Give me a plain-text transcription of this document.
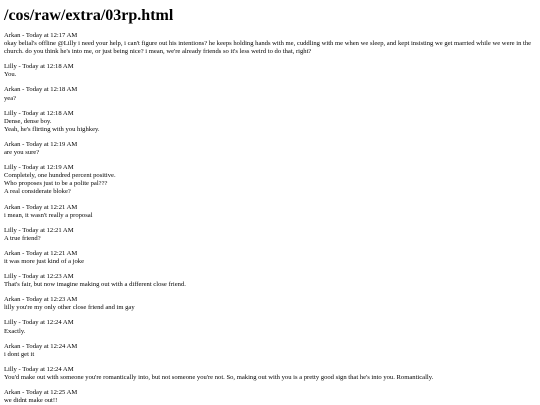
/cos/raw/extra/03rp.html
Arkan - Today at 12:17 AM
okay belial's offline @Lilly i need your help, i can't figure out his intentions? he keeps holding hands with me, cuddling with me when we sleep, and kept insisting we get married while we were in the church. do you think he's into me, or just being nice? i mean, we're already friends so it's less weird to do that, right?
Lilly - Today at 12:18 AM
You.
Arkan - Today at 12:18 AM
yea?
Lilly - Today at 12:18 AM
Dense, dense boy.
Yeah, he's flirting with you highkey.
Arkan - Today at 12:19 AM
are you sure?
Lilly - Today at 12:19 AM
Completely, one hundred percent positive.
Who proposes just to be a polite pal???
A real considerate bloke?
Arkan - Today at 12:21 AM
i mean, it wasn't really a proposal
Lilly - Today at 12:21 AM
A true friend?
Arkan - Today at 12:21 AM
it was more just kind of a joke
Lilly - Today at 12:23 AM
That's fair, but now imagine making out with a different close friend.
Arkan - Today at 12:23 AM
lilly you're my only other close friend and im gay
Lilly - Today at 12:24 AM
Exactly.
Arkan - Today at 12:24 AM
i dont get it
Lilly - Today at 12:24 AM
You'd make out with someone you're romantically into, but not someone you're not. So, making out with you is a pretty good sign that he's into you. Romantically.
Arkan - Today at 12:25 AM
we didnt make out!!
